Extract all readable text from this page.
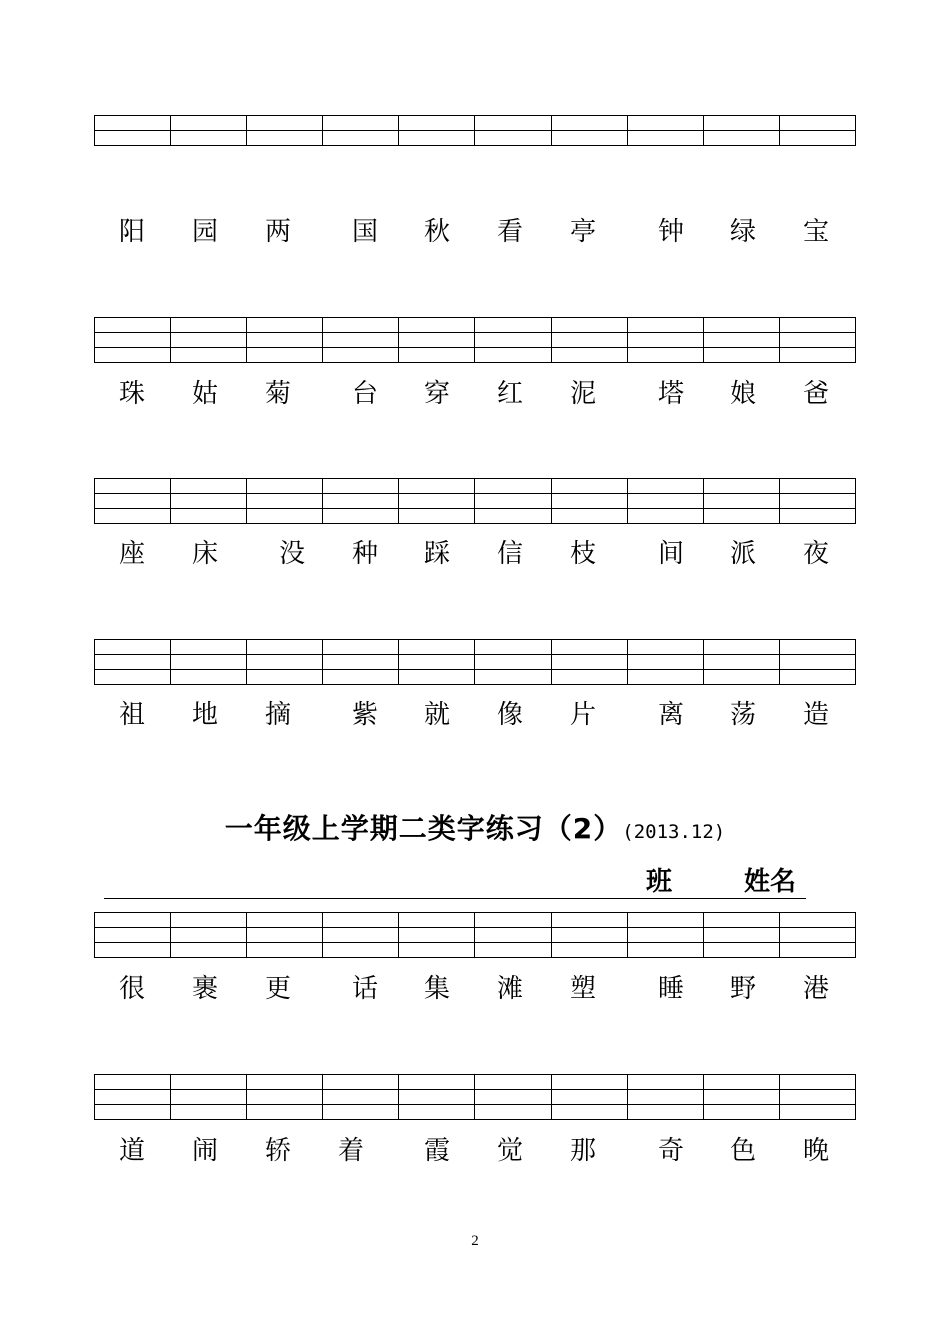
阳 园 两 国 秋 看 亭 钟 绿 宝

珠 姑 菊 台 穿 红 泥 塔 娘 爸

座 床 没 种 踩 信 枝 间 派 夜

祖 地 摘 紫 就 像 片 离 荡 造
一年级上学期二类字练习（2）(2013.12)
班	姓名

很 裹 更 话 集 滩 塑 睡 野 港

道 闹 轿 着 霞 觉 那 奇 色 晚
2
